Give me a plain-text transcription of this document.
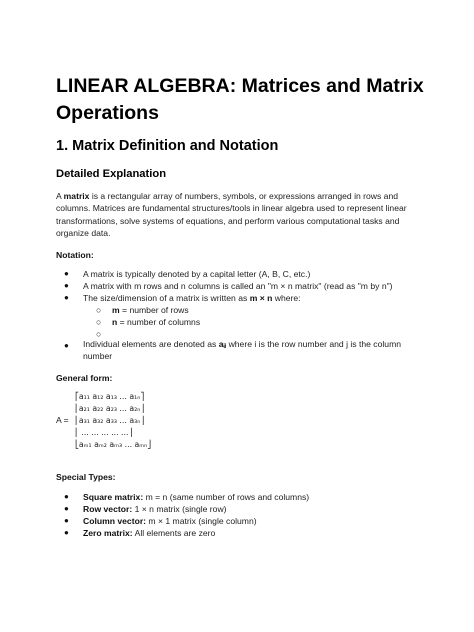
LINEAR ALGEBRA: Matrices and Matrix Operations
1. Matrix Definition and Notation
Detailed Explanation

A matrix is a rectangular array of numbers, symbols, or expressions arranged in rows and columns. Matrices are fundamental structures/tools in linear algebra used to represent linear transformations, solve systems of equations, and perform various computational tasks and organize data.

Notation:
● A matrix is typically denoted by a capital letter (A, B, C, etc.)
● A matrix with m rows and n columns is called an "m × n matrix" (read as "m by n")
● The size/dimension of a matrix is written as m × n where:
○ m = number of rows
○ n = number of columns
○
● Individual elements are denoted as aᵢⱼ where i is the row number and j is the column number
General form:
⎡a₁₁ a₁₂ a₁₃ ... a₁ₙ⎤
⎢a₂₁ a₂₂ a₂₃ ... a₂ₙ⎥
A = ⎢a₃₁ a₃₂ a₃₃ ... a₃ₙ⎥
⎢ ... ... ... ... ...⎥
⎣aₘ₁ aₘ₂ aₘ₃ ... aₘₙ⎦
Special Types:
● Square matrix: m = n (same number of rows and columns)
● Row vector: 1 × n matrix (single row)
● Column vector: m × 1 matrix (single column)
● Zero matrix: All elements are zero
